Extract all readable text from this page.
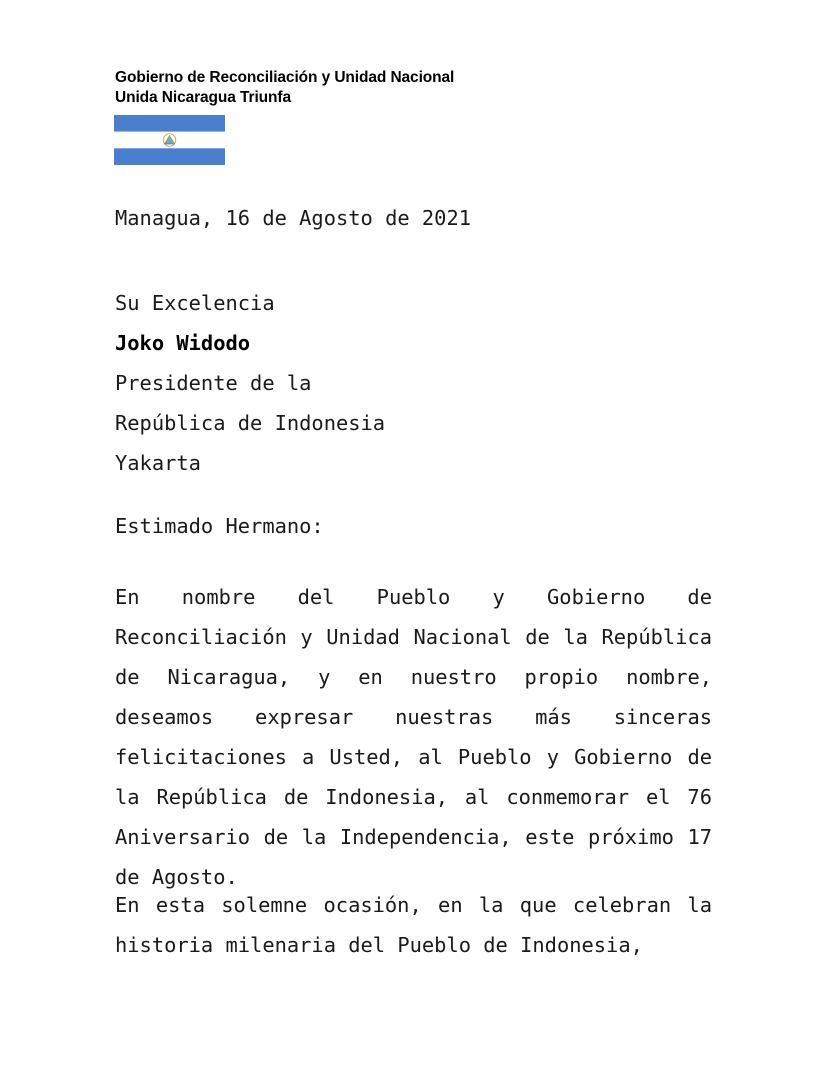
Gobierno de Reconciliación y Unidad Nacional
Unida Nicaragua Triunfa
Managua, 16 de Agosto de 2021
Su Excelencia
Joko Widodo
Presidente de la
República de Indonesia
Yakarta
Estimado Hermano:
En nombre del Pueblo y Gobierno de Reconciliación y Unidad Nacional de la República de Nicaragua, y en nuestro propio nombre, deseamos expresar nuestras más sinceras felicitaciones a Usted, al Pueblo y Gobierno de la República de Indonesia, al conmemorar el 76 Aniversario de la Independencia, este próximo 17 de Agosto.
En esta solemne ocasión, en la que celebran la historia milenaria del Pueblo de Indonesia,
